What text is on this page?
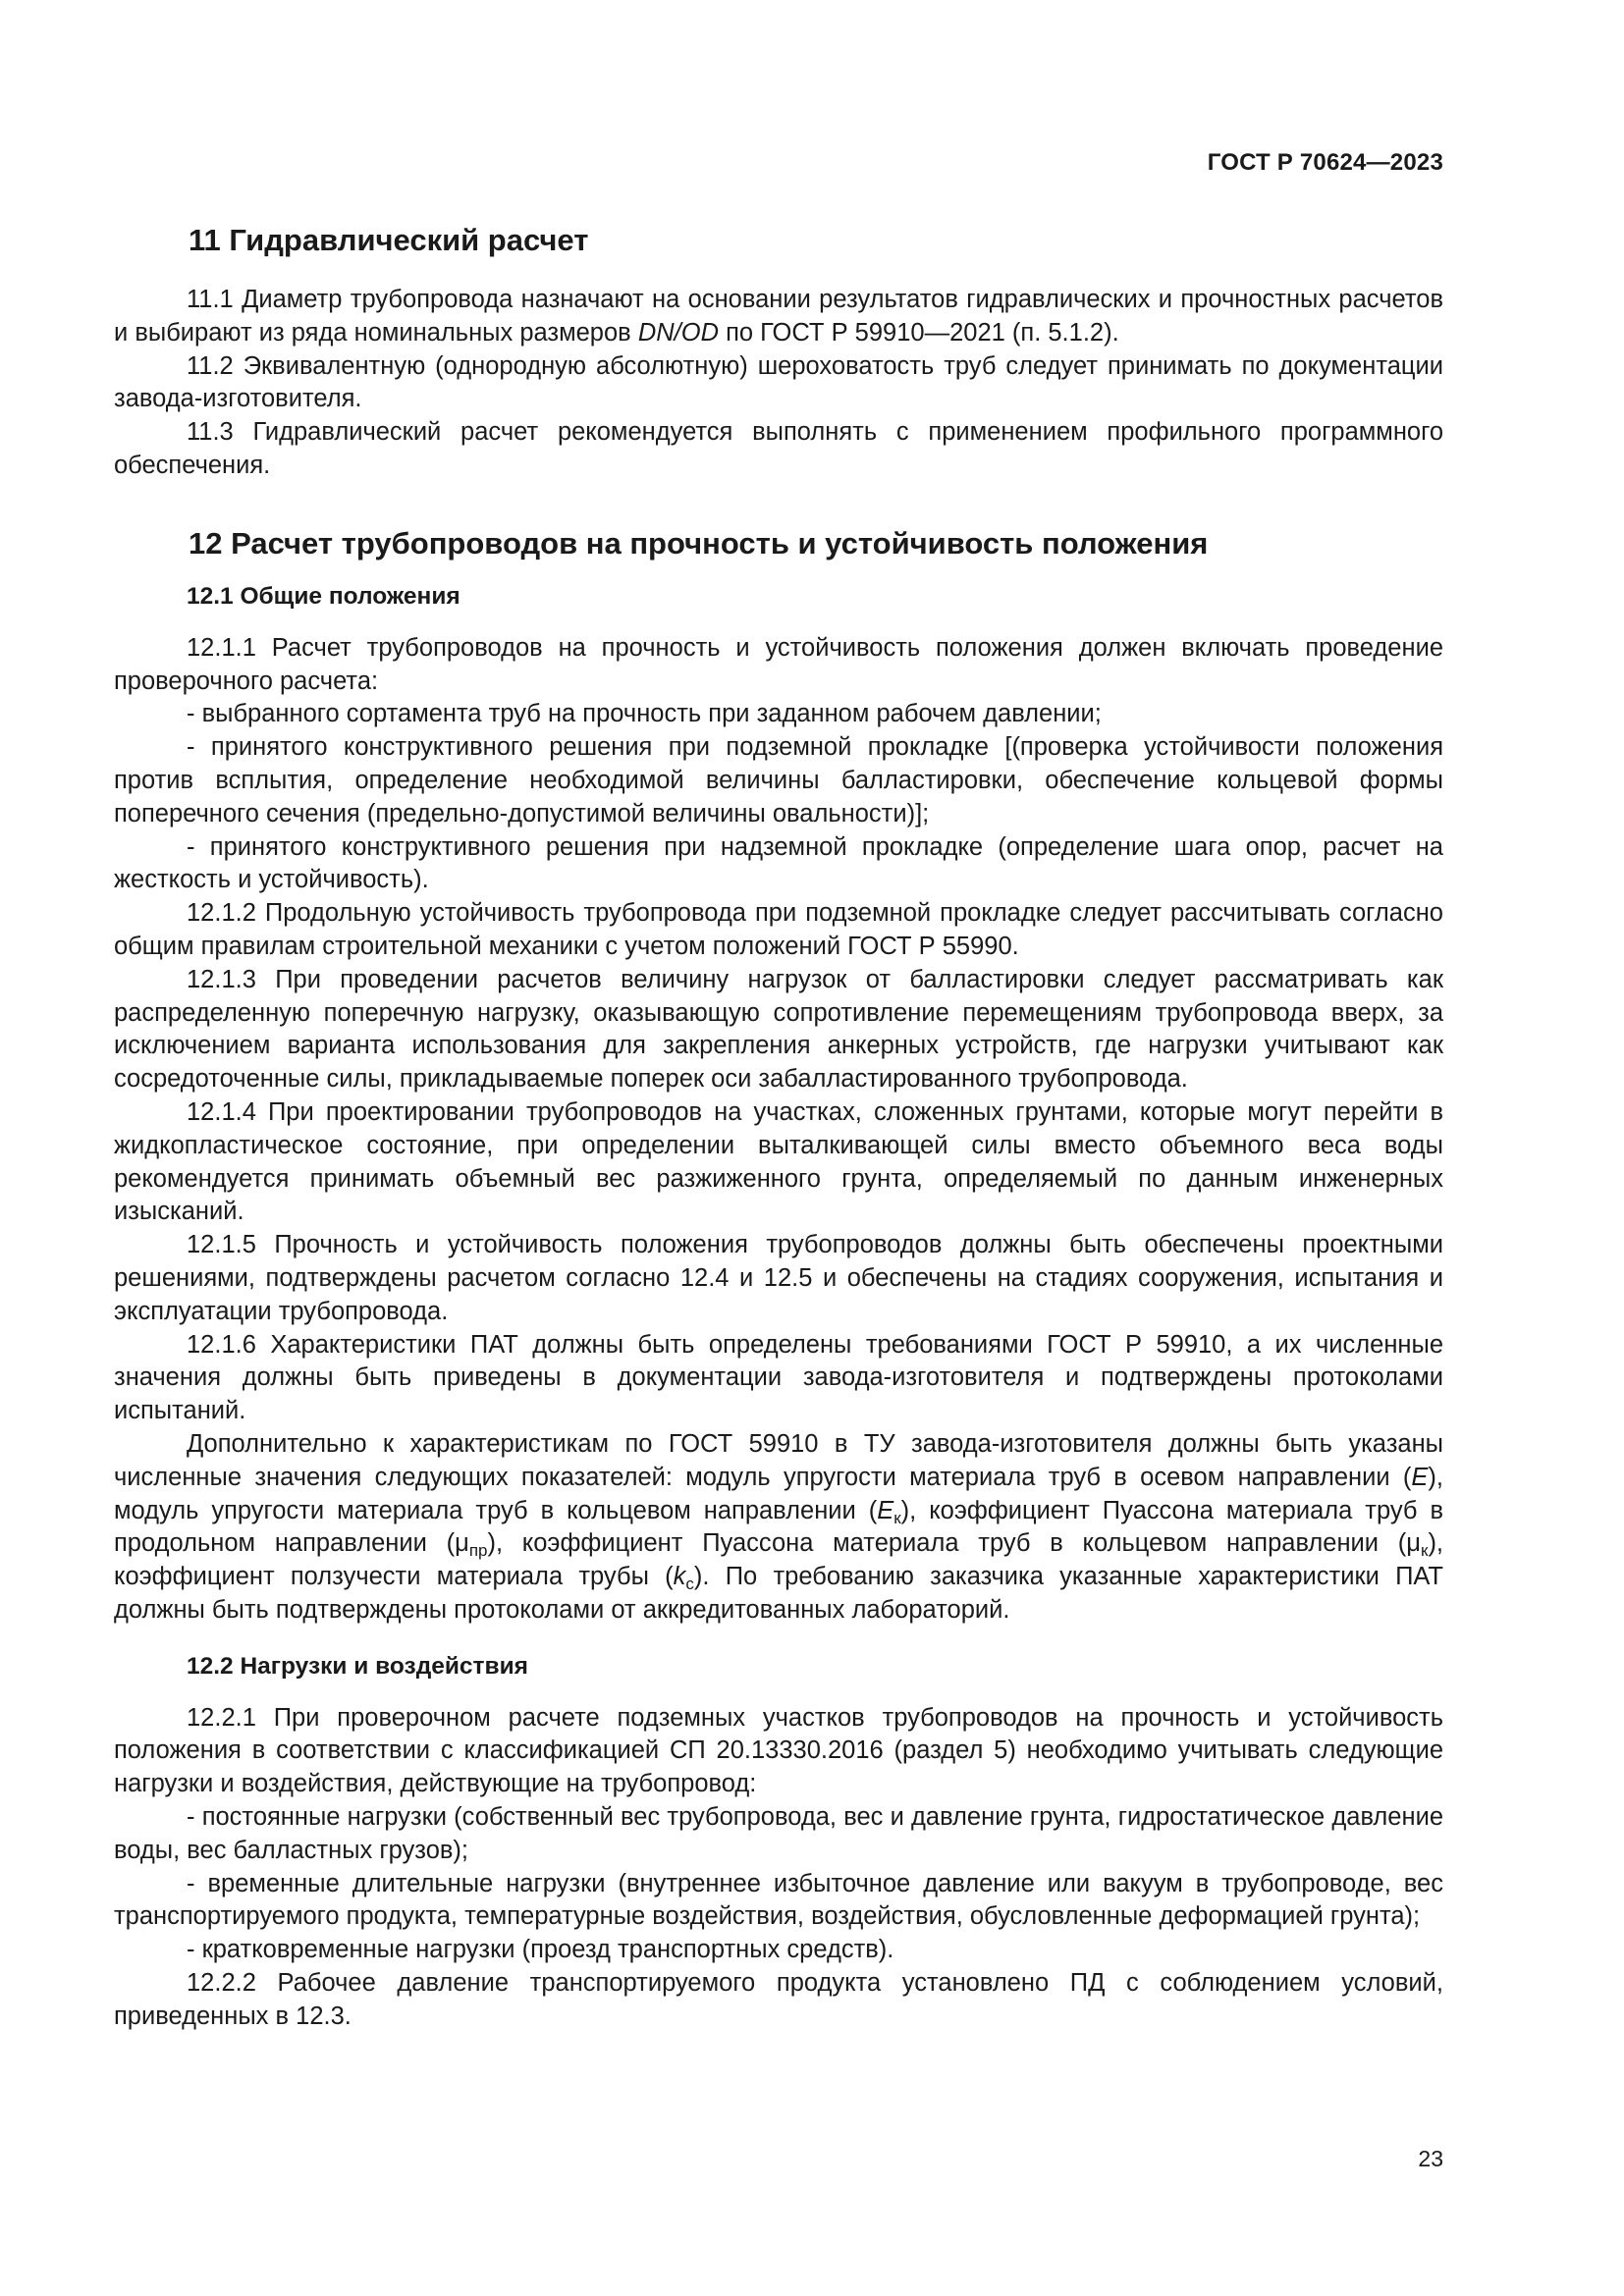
ГОСТ Р 70624—2023
11 Гидравлический расчет

11.1 Диаметр трубопровода назначают на основании результатов гидравлических и прочностных расчетов и выбирают из ряда номинальных размеров DN/OD по ГОСТ Р 59910—2021 (п. 5.1.2).

11.2 Эквивалентную (однородную абсолютную) шероховатость труб следует принимать по документации завода-изготовителя.

11.3 Гидравлический расчет рекомендуется выполнять с применением профильного программного обеспечения.

12 Расчет трубопроводов на прочность и устойчивость положения
12.1 Общие положения

12.1.1 Расчет трубопроводов на прочность и устойчивость положения должен включать проведение проверочного расчета:

- выбранного сортамента труб на прочность при заданном рабочем давлении;

- принятого конструктивного решения при подземной прокладке [(проверка устойчивости положения против всплытия, определение необходимой величины балластировки, обеспечение кольцевой формы поперечного сечения (предельно-допустимой величины овальности)];

- принятого конструктивного решения при надземной прокладке (определение шага опор, расчет на жесткость и устойчивость).

12.1.2 Продольную устойчивость трубопровода при подземной прокладке следует рассчитывать согласно общим правилам строительной механики с учетом положений ГОСТ Р 55990.

12.1.3 При проведении расчетов величину нагрузок от балластировки следует рассматривать как распределенную поперечную нагрузку, оказывающую сопротивление перемещениям трубопровода вверх, за исключением варианта использования для закрепления анкерных устройств, где нагрузки учитывают как сосредоточенные силы, прикладываемые поперек оси забалластированного трубопровода.

12.1.4 При проектировании трубопроводов на участках, сложенных грунтами, которые могут перейти в жидкопластическое состояние, при определении выталкивающей силы вместо объемного веса воды рекомендуется принимать объемный вес разжиженного грунта, определяемый по данным инженерных изысканий.

12.1.5 Прочность и устойчивость положения трубопроводов должны быть обеспечены проектными решениями, подтверждены расчетом согласно 12.4 и 12.5 и обеспечены на стадиях сооружения, испытания и эксплуатации трубопровода.

12.1.6 Характеристики ПАТ должны быть определены требованиями ГОСТ Р 59910, а их численные значения должны быть приведены в документации завода-изготовителя и подтверждены протоколами испытаний.

Дополнительно к характеристикам по ГОСТ 59910 в ТУ завода-изготовителя должны быть указаны численные значения следующих показателей: модуль упругости материала труб в осевом направлении (E), модуль упругости материала труб в кольцевом направлении $(E_к)$, коэффициент Пуассона материала труб в продольном направлении $(\mu_{пр})$, коэффициент Пуассона материала труб в кольцевом направлении $(\mu_к)$, коэффициент ползучести материала трубы $(k_c)$. По требованию заказчика указанные характеристики ПАТ должны быть подтверждены протоколами от аккредитованных лабораторий.

12.2 Нагрузки и воздействия

12.2.1 При проверочном расчете подземных участков трубопроводов на прочность и устойчивость положения в соответствии с классификацией СП 20.13330.2016 (раздел 5) необходимо учитывать следующие нагрузки и воздействия, действующие на трубопровод:

- постоянные нагрузки (собственный вес трубопровода, вес и давление грунта, гидростатическое давление воды, вес балластных грузов);

- временные длительные нагрузки (внутреннее избыточное давление или вакуум в трубопроводе, вес транспортируемого продукта, температурные воздействия, воздействия, обусловленные деформацией грунта);

- кратковременные нагрузки (проезд транспортных средств).

12.2.2 Рабочее давление транспортируемого продукта установлено ПД с соблюдением условий, приведенных в 12.3.

23
